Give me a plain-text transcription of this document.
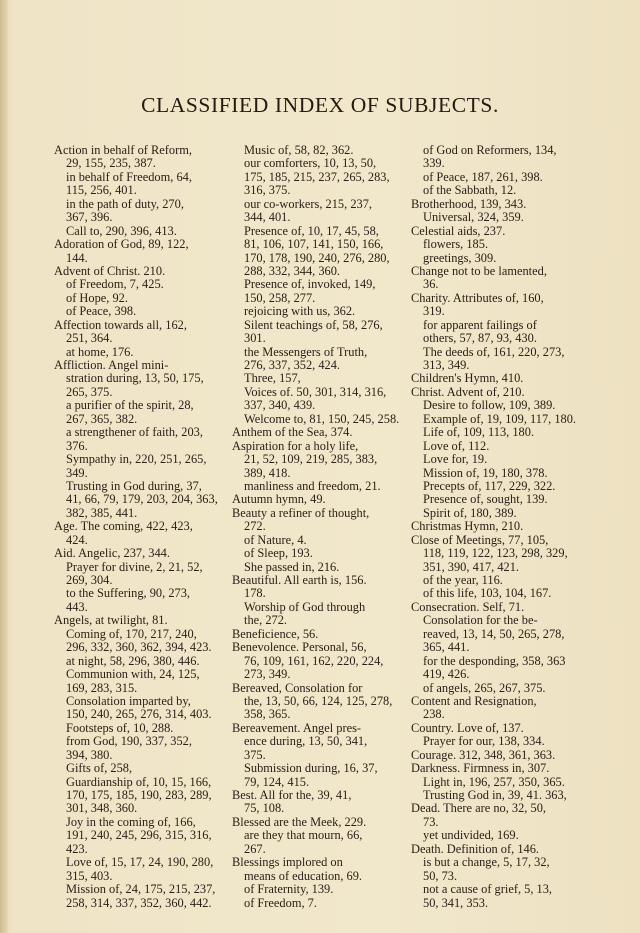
CLASSIFIED INDEX OF SUBJECTS.
Action in behalf of Reform,
29, 155, 235, 387.
in behalf of Freedom, 64,
115, 256, 401.
in the path of duty, 270,
367, 396.
Call to, 290, 396, 413.
Adoration of God, 89, 122,
144.
Advent of Christ. 210.
of Freedom, 7, 425.
of Hope, 92.
of Peace, 398.
Affection towards all, 162,
251, 364.
at home, 176.
Affliction. Angel mini-
stration during, 13, 50, 175,
265, 375.
a purifier of the spirit, 28,
267, 365, 382.
a strengthener of faith, 203,
376.
Sympathy in, 220, 251, 265,
349.
Trusting in God during, 37,
41, 66, 79, 179, 203, 204, 363,
382, 385, 441.
Age. The coming, 422, 423,
424.
Aid. Angelic, 237, 344.
Prayer for divine, 2, 21, 52,
269, 304.
to the Suffering, 90, 273,
443.
Angels, at twilight, 81.
Coming of, 170, 217, 240,
296, 332, 360, 362, 394, 423.
at night, 58, 296, 380, 446.
Communion with, 24, 125,
169, 283, 315.
Consolation imparted by,
150, 240, 265, 276, 314, 403.
Footsteps of, 10, 288.
from God, 190, 337, 352,
394, 380.
Gifts of, 258,
Guardianship of, 10, 15, 166,
170, 175, 185, 190, 283, 289,
301, 348, 360.
Joy in the coming of, 166,
191, 240, 245, 296, 315, 316,
423.
Love of, 15, 17, 24, 190, 280,
315, 403.
Mission of, 24, 175, 215, 237,
258, 314, 337, 352, 360, 442.
Music of, 58, 82, 362.
our comforters, 10, 13, 50,
175, 185, 215, 237, 265, 283,
316, 375.
our co-workers, 215, 237,
344, 401.
Presence of, 10, 17, 45, 58,
81, 106, 107, 141, 150, 166,
170, 178, 190, 240, 276, 280,
288, 332, 344, 360.
Presence of, invoked, 149,
150, 258, 277.
rejoicing with us, 362.
Silent teachings of, 58, 276,
301.
the Messengers of Truth,
276, 337, 352, 424.
Three, 157,
Voices of. 50, 301, 314, 316,
337, 340, 439.
Welcome to, 81, 150, 245, 258.
Anthem of the Sea, 374.
Aspiration for a holy life,
21, 52, 109, 219, 285, 383,
389, 418.
manliness and freedom, 21.
Autumn hymn, 49.
Beauty a refiner of thought,
272.
of Nature, 4.
of Sleep, 193.
She passed in, 216.
Beautiful. All earth is, 156.
178.
Worship of God through
the, 272.
Beneficience, 56.
Benevolence. Personal, 56,
76, 109, 161, 162, 220, 224,
273, 349.
Bereaved, Consolation for
the, 13, 50, 66, 124, 125, 278,
358, 365.
Bereavement. Angel pres-
ence during, 13, 50, 341,
375.
Submission during, 16, 37,
79, 124, 415.
Best. All for the, 39, 41,
75, 108.
Blessed are the Meek, 229.
are they that mourn, 66,
267.
Blessings implored on
means of education, 69.
of Fraternity, 139.
of Freedom, 7.
of God on Reformers, 134,
339.
of Peace, 187, 261, 398.
of the Sabbath, 12.
Brotherhood, 139, 343.
Universal, 324, 359.
Celestial aids, 237.
flowers, 185.
greetings, 309.
Change not to be lamented,
36.
Charity. Attributes of, 160,
319.
for apparent failings of
others, 57, 87, 93, 430.
The deeds of, 161, 220, 273,
313, 349.
Children's Hymn, 410.
Christ. Advent of, 210.
Desire to follow, 109, 389.
Example of, 19, 109, 117, 180.
Life of, 109, 113, 180.
Love of, 112.
Love for, 19.
Mission of, 19, 180, 378.
Precepts of, 117, 229, 322.
Presence of, sought, 139.
Spirit of, 180, 389.
Christmas Hymn, 210.
Close of Meetings, 77, 105,
118, 119, 122, 123, 298, 329,
351, 390, 417, 421.
of the year, 116.
of this life, 103, 104, 167.
Consecration. Self, 71.
Consolation for the be-
reaved, 13, 14, 50, 265, 278,
365, 441.
for the desponding, 358, 363
419, 426.
of angels, 265, 267, 375.
Content and Resignation,
238.
Country. Love of, 137.
Prayer for our, 138, 334.
Courage. 312, 348, 361, 363.
Darkness. Firmness in, 307.
Light in, 196, 257, 350, 365.
Trusting God in, 39, 41. 363,
Dead. There are no, 32, 50,
73.
yet undivided, 169.
Death. Definition of, 146.
is but a change, 5, 17, 32,
50, 73.
not a cause of grief, 5, 13,
50, 341, 353.
